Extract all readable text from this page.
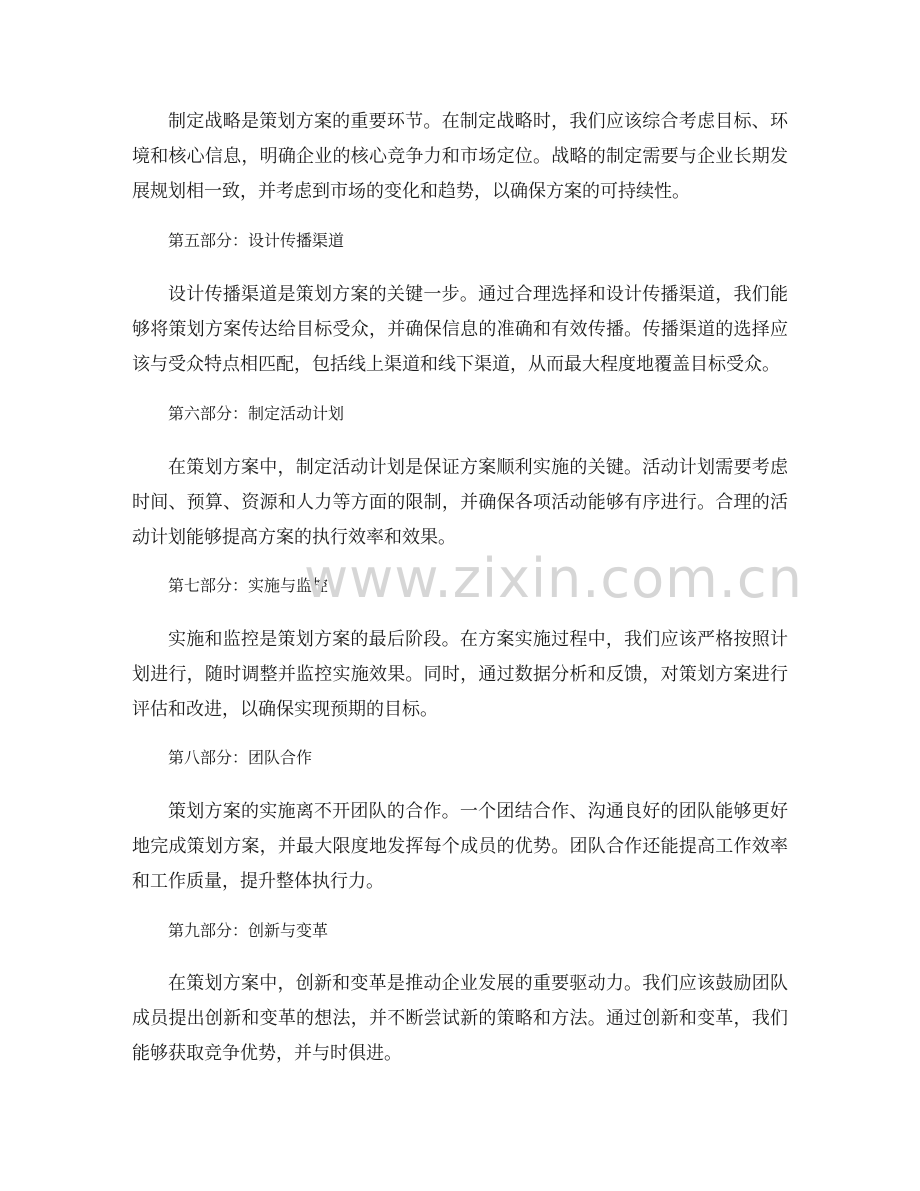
制定战略是策划方案的重要环节。在制定战略时，我们应该综合考虑目标、环境和核心信息，明确企业的核心竞争力和市场定位。战略的制定需要与企业长期发展规划相一致，并考虑到市场的变化和趋势，以确保方案的可持续性。

第五部分：设计传播渠道

设计传播渠道是策划方案的关键一步。通过合理选择和设计传播渠道，我们能够将策划方案传达给目标受众，并确保信息的准确和有效传播。传播渠道的选择应该与受众特点相匹配，包括线上渠道和线下渠道，从而最大程度地覆盖目标受众。

第六部分：制定活动计划

在策划方案中，制定活动计划是保证方案顺利实施的关键。活动计划需要考虑时间、预算、资源和人力等方面的限制，并确保各项活动能够有序进行。合理的活动计划能够提高方案的执行效率和效果。

第七部分：实施与监控

www.zixin.com.cn

实施和监控是策划方案的最后阶段。在方案实施过程中，我们应该严格按照计划进行，随时调整并监控实施效果。同时，通过数据分析和反馈，对策划方案进行评估和改进，以确保实现预期的目标。

第八部分：团队合作

策划方案的实施离不开团队的合作。一个团结合作、沟通良好的团队能够更好地完成策划方案，并最大限度地发挥每个成员的优势。团队合作还能提高工作效率和工作质量，提升整体执行力。

第九部分：创新与变革

在策划方案中，创新和变革是推动企业发展的重要驱动力。我们应该鼓励团队成员提出创新和变革的想法，并不断尝试新的策略和方法。通过创新和变革，我们能够获取竞争优势，并与时俱进。
